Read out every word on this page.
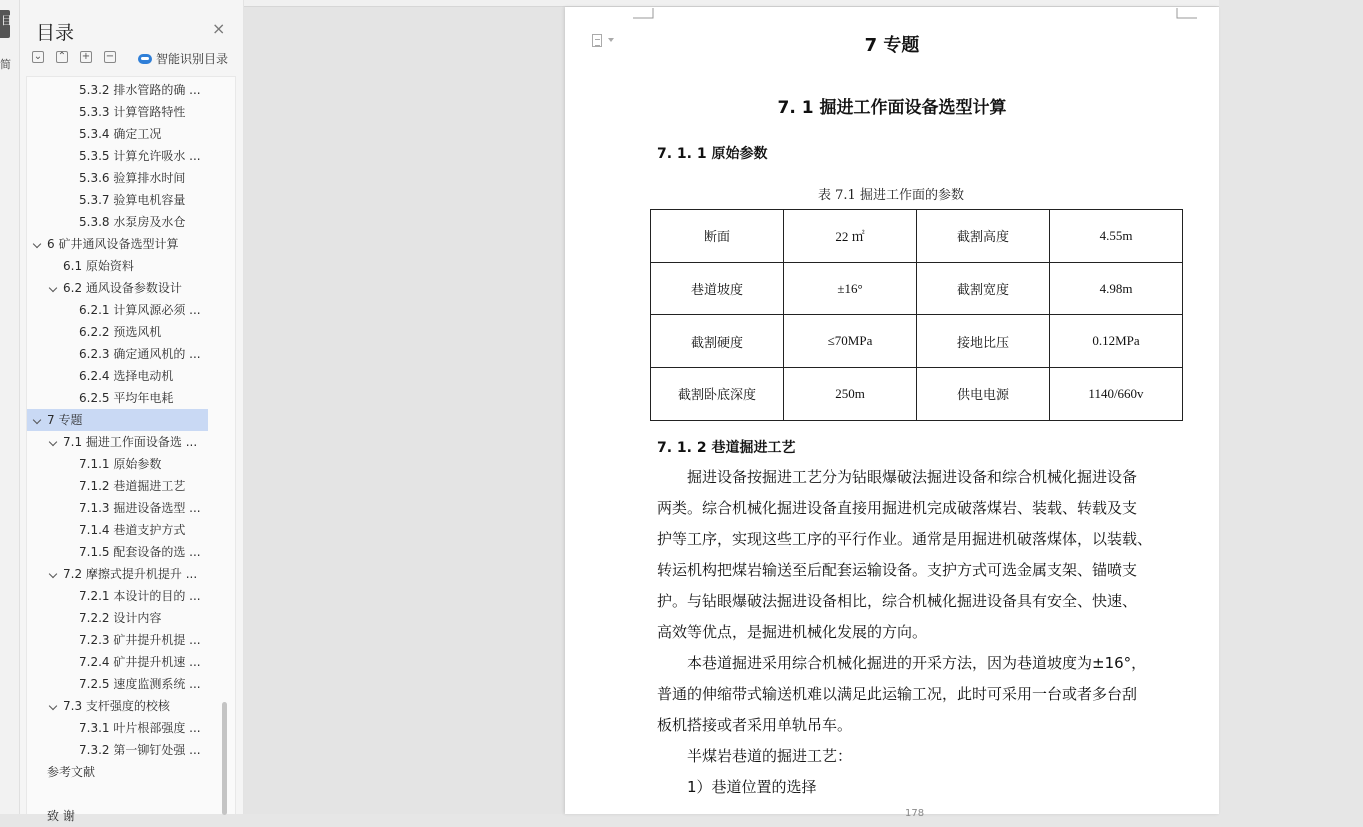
目
简
目录	×
⌄ ⌃ + −	智能识别目录
5.3.2 排水管路的确 ...
5.3.3 计算管路特性
5.3.4 确定工况
5.3.5 计算允许吸水 ...
5.3.6 验算排水时间
5.3.7 验算电机容量
5.3.8 水泵房及水仓
6 矿井通风设备选型计算
6.1 原始资料
6.2 通风设备参数设计
6.2.1 计算风源必须 ...
6.2.2 预选风机
6.2.3 确定通风机的 ...
6.2.4 选择电动机
6.2.5 平均年电耗
7 专题
7.1 掘进工作面设备选 ...
7.1.1 原始参数
7.1.2 巷道掘进工艺
7.1.3 掘进设备选型 ...
7.1.4 巷道支护方式
7.1.5 配套设备的选 ...
7.2 摩擦式提升机提升 ...
7.2.1 本设计的目的 ...
7.2.2 设计内容
7.2.3 矿井提升机提 ...
7.2.4 矿井提升机速 ...
7.2.5 速度监测系统 ...
7.3 支杆强度的校核
7.3.1 叶片根部强度 ...
7.3.2 第一铆钉处强 ...
参考文献
致 谢
7 专题
7. 1 掘进工作面设备选型计算
7. 1. 1 原始参数
表 7.1 掘进工作面的参数
断面	22 ㎡	截割高度	4.55m
巷道坡度	±16°	截割宽度	4.98m
截割硬度	≤70MPa	接地比压	0.12MPa
截割卧底深度	250m	供电电源	1140/660v
7. 1. 2 巷道掘进工艺
掘进设备按掘进工艺分为钻眼爆破法掘进设备和综合机械化掘进设备
两类。综合机械化掘进设备直接用掘进机完成破落煤岩、装载、转载及支
护等工序，实现这些工序的平行作业。通常是用掘进机破落煤体，以装载、
转运机构把煤岩输送至后配套运输设备。支护方式可选金属支架、锚喷支
护。与钻眼爆破法掘进设备相比，综合机械化掘进设备具有安全、快速、
高效等优点，是掘进机械化发展的方向。
本巷道掘进采用综合机械化掘进的开采方法，因为巷道坡度为±16°，
普通的伸缩带式输送机难以满足此运输工况，此时可采用一台或者多台刮
板机搭接或者采用单轨吊车。
半煤岩巷道的掘进工艺：
1）巷道位置的选择
178
